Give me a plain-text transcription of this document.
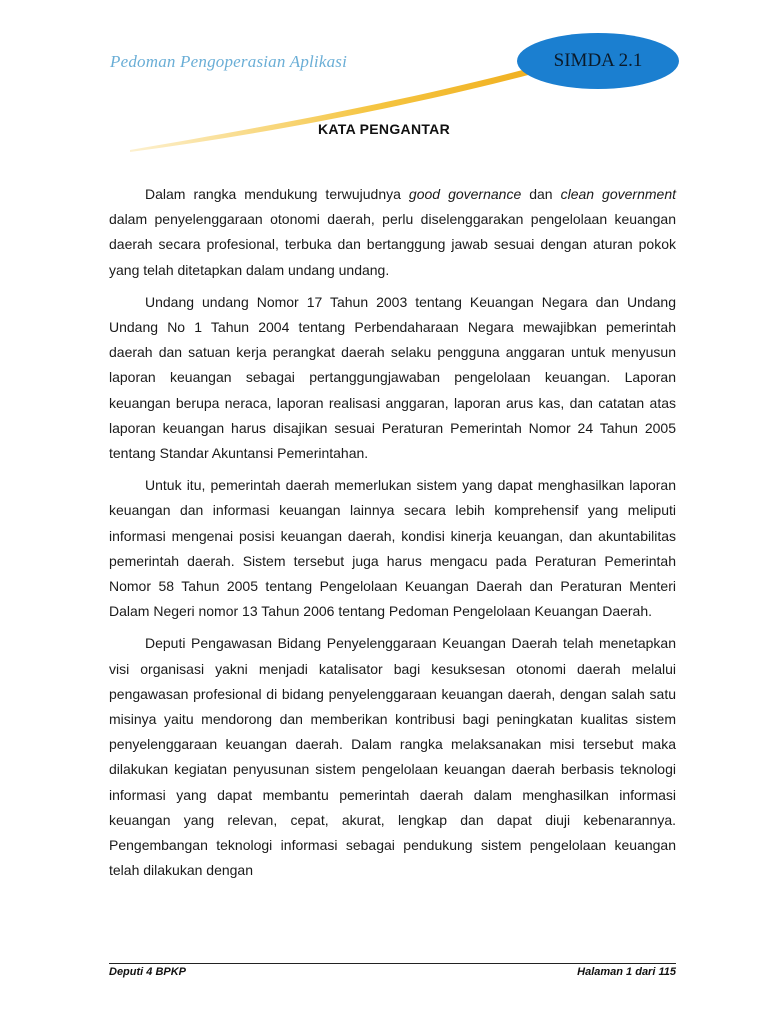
Pedoman Pengoperasian Aplikasi	SIMDA 2.1
KATA PENGANTAR

Dalam rangka mendukung terwujudnya good governance dan clean government dalam penyelenggaraan otonomi daerah, perlu diselenggarakan pengelolaan keuangan daerah secara profesional, terbuka dan bertanggung jawab sesuai dengan aturan pokok yang telah ditetapkan dalam undang undang.

Undang undang Nomor 17 Tahun 2003 tentang Keuangan Negara dan Undang Undang No 1 Tahun 2004 tentang Perbendaharaan Negara mewajibkan pemerintah daerah dan satuan kerja perangkat daerah selaku pengguna anggaran untuk menyusun laporan keuangan sebagai pertanggungjawaban pengelolaan keuangan. Laporan keuangan berupa neraca, laporan realisasi anggaran, laporan arus kas, dan catatan atas laporan keuangan harus disajikan sesuai Peraturan Pemerintah Nomor 24 Tahun 2005 tentang Standar Akuntansi Pemerintahan.

Untuk itu, pemerintah daerah memerlukan sistem yang dapat menghasilkan laporan keuangan dan informasi keuangan lainnya secara lebih komprehensif yang meliputi informasi mengenai posisi keuangan daerah, kondisi kinerja keuangan, dan akuntabilitas pemerintah daerah. Sistem tersebut juga harus mengacu pada Peraturan Pemerintah Nomor 58 Tahun 2005 tentang Pengelolaan Keuangan Daerah dan Peraturan Menteri Dalam Negeri nomor 13 Tahun 2006 tentang Pedoman Pengelolaan Keuangan Daerah.

Deputi Pengawasan Bidang Penyelenggaraan Keuangan Daerah telah menetapkan visi organisasi yakni menjadi katalisator bagi kesuksesan otonomi daerah melalui pengawasan profesional di bidang penyelenggaraan keuangan daerah, dengan salah satu misinya yaitu mendorong dan memberikan kontribusi bagi peningkatan kualitas sistem penyelenggaraan keuangan daerah. Dalam rangka melaksanakan misi tersebut maka dilakukan kegiatan penyusunan sistem pengelolaan keuangan daerah berbasis teknologi informasi yang dapat membantu pemerintah daerah dalam menghasilkan informasi keuangan yang relevan, cepat, akurat, lengkap dan dapat diuji kebenarannya. Pengembangan teknologi informasi sebagai pendukung sistem pengelolaan keuangan telah dilakukan dengan

Deputi 4 BPKP	Halaman 1 dari 115
